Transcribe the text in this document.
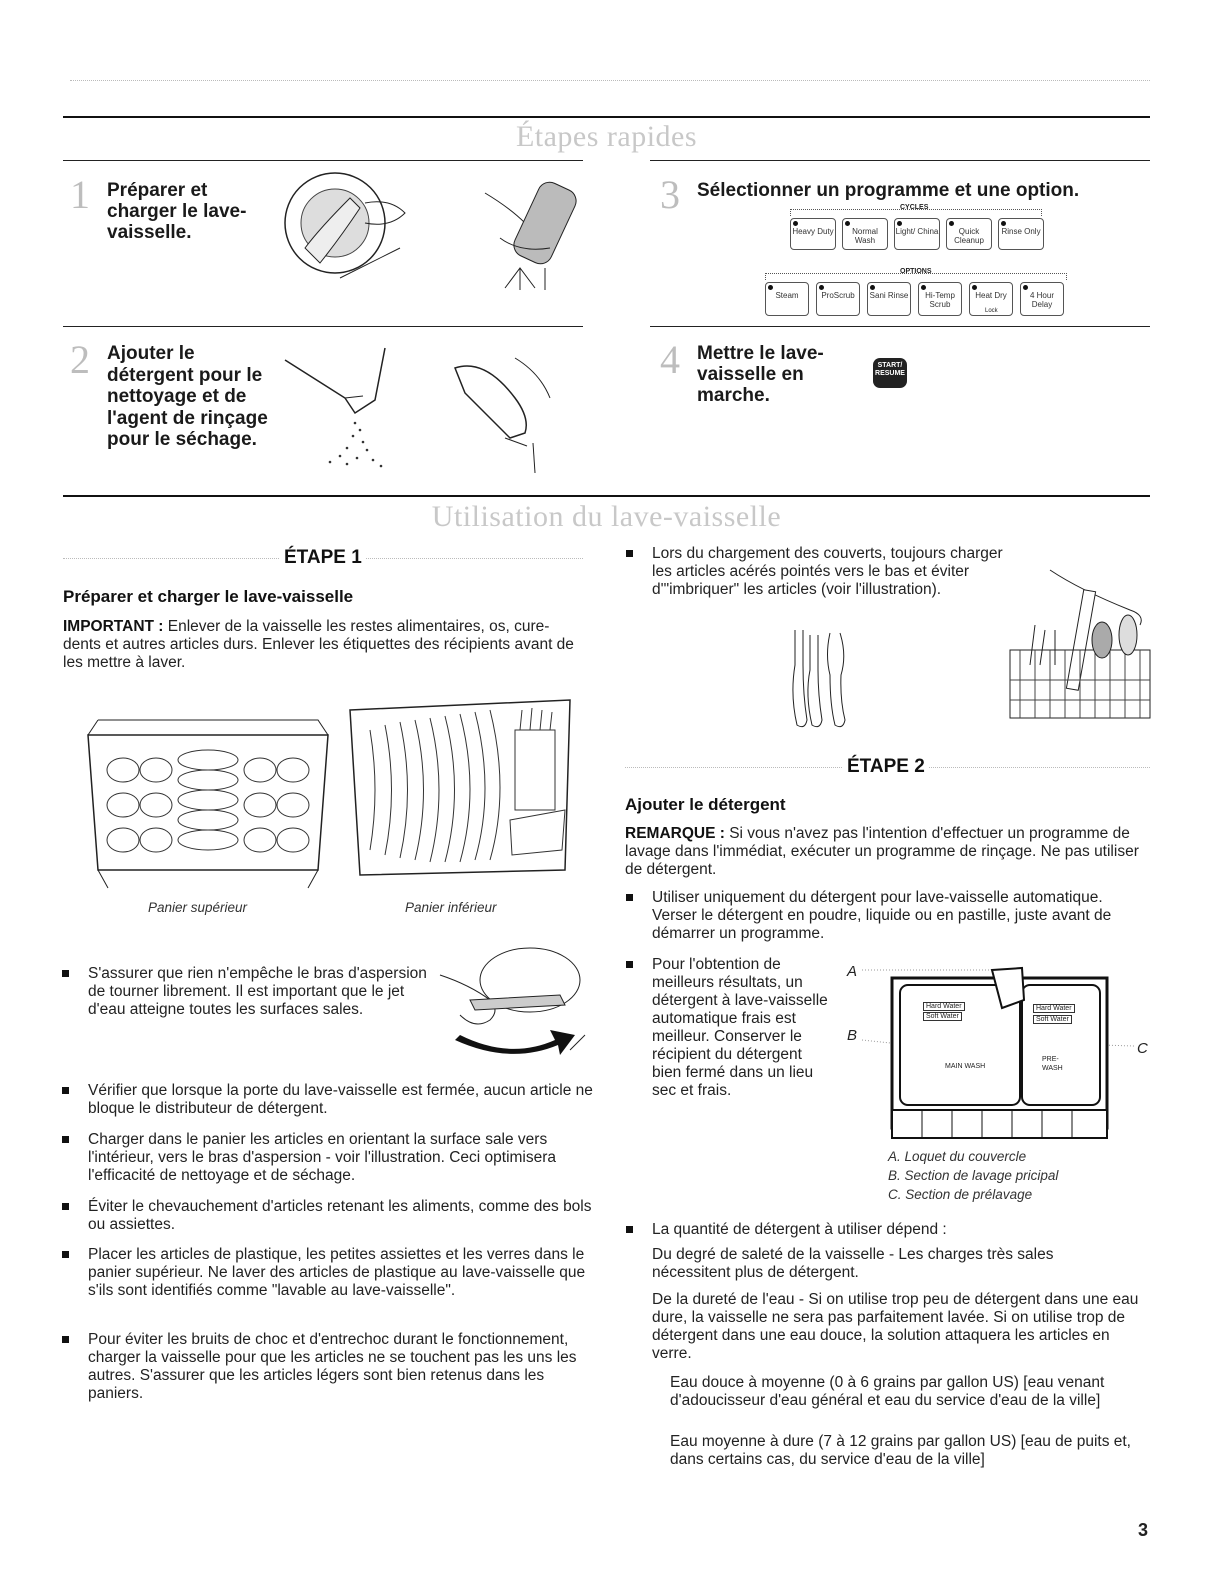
Étapes rapides
1 Préparer et charger le lave-vaisselle.
3 Sélectionner un programme et une option.
CYCLES
Heavy Duty	Normal Wash
Light/ China	Quick Cleanup
Rinse Only
OPTIONS
Steam	ProScrub	Sani Rinse	Hi-Temp Scrub
Heat Dry	4 Hour Delay
Lock
2 Ajouter le détergent pour le nettoyage et de l'agent de rinçage pour le séchage.
4 Mettre le lave-vaisselle en marche.
START/ RESUME
Utilisation du lave-vaisselle
ÉTAPE 1
Préparer et charger le lave-vaisselle
IMPORTANT : Enlever de la vaisselle les restes alimentaires, os, cure-dents et autres articles durs. Enlever les étiquettes des récipients avant de les mettre à laver.
Panier supérieur	Panier inférieur
S'assurer que rien n'empêche le bras d'aspersion de tourner librement. Il est important que le jet d'eau atteigne toutes les surfaces sales.
Vérifier que lorsque la porte du lave-vaisselle est fermée, aucun article ne bloque le distributeur de détergent.
Charger dans le panier les articles en orientant la surface sale vers l'intérieur, vers le bras d'aspersion - voir l'illustration. Ceci optimisera l'efficacité de nettoyage et de séchage.
Éviter le chevauchement d'articles retenant les aliments, comme des bols ou assiettes.
Placer les articles de plastique, les petites assiettes et les verres dans le panier supérieur. Ne laver des articles de plastique au lave-vaisselle que s'ils sont identifiés comme "lavable au lave-vaisselle".
Pour éviter les bruits de choc et d'entrechoc durant le fonctionnement, charger la vaisselle pour que les articles ne se touchent pas les uns les autres. S'assurer que les articles légers sont bien retenus dans les paniers.
Lors du chargement des couverts, toujours charger les articles acérés pointés vers le bas et éviter d'"imbriquer" les articles (voir l'illustration).
ÉTAPE 2
Ajouter le détergent
REMARQUE : Si vous n'avez pas l'intention d'effectuer un programme de lavage dans l'immédiat, exécuter un programme de rinçage. Ne pas utiliser de détergent.
Utiliser uniquement du détergent pour lave-vaisselle automatique. Verser le détergent en poudre, liquide ou en pastille, juste avant de démarrer un programme.
Pour l'obtention de meilleurs résultats, un détergent à lave-vaisselle automatique frais est meilleur. Conserver le récipient du détergent bien fermé dans un lieu sec et frais.
A
B
C
Hard Water
Soft Water
Hard Water
Soft Water
MAIN WASH
PRE-WASH
A. Loquet du couvercle
B. Section de lavage pricipal
C. Section de prélavage
La quantité de détergent à utiliser dépend :
Du degré de saleté de la vaisselle - Les charges très sales nécessitent plus de détergent.
De la dureté de l'eau - Si on utilise trop peu de détergent dans une eau dure, la vaisselle ne sera pas parfaitement lavée. Si on utilise trop de détergent dans une eau douce, la solution attaquera les articles en verre.
Eau douce à moyenne (0 à 6 grains par gallon US) [eau venant d'adoucisseur d'eau général et eau du service d'eau de la ville]
Eau moyenne à dure (7 à 12 grains par gallon US) [eau de puits et, dans certains cas, du service d'eau de la ville]
3
